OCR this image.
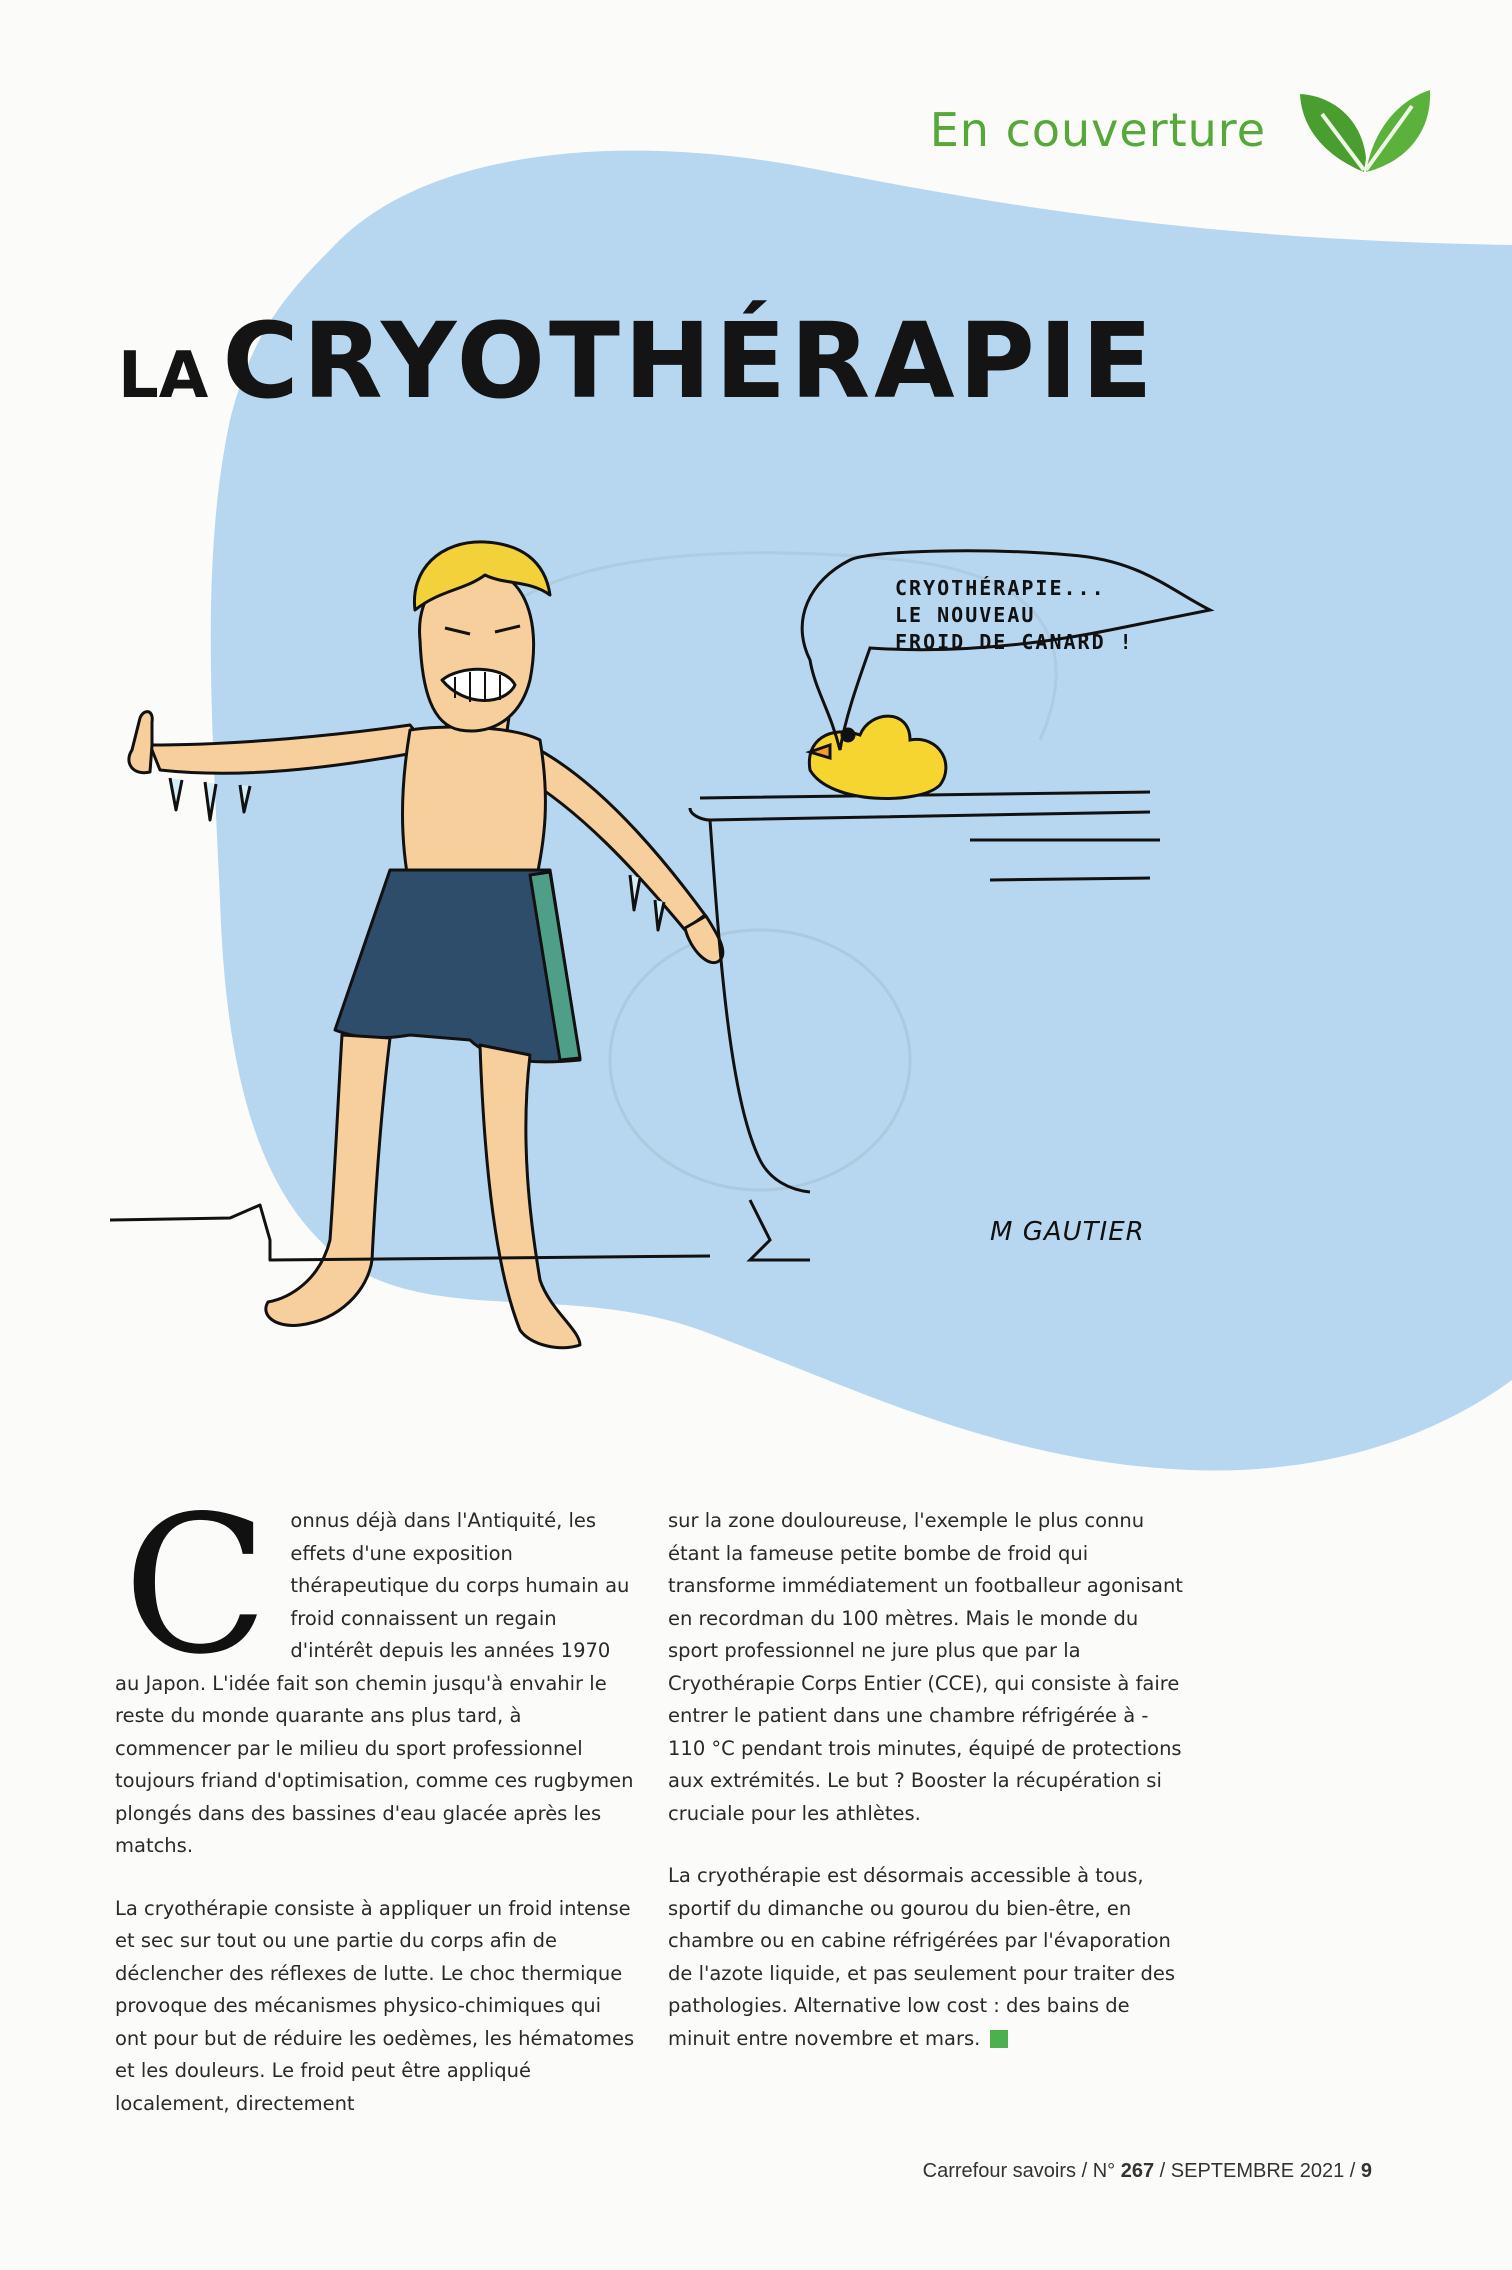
En couverture
LA CRYOTHÉRAPIE
CRYOTHÉRAPIE...
LE NOUVEAU
FROID DE CANARD !
M GAUTIER

C onnus déjà dans l'Antiquité, les effets d'une exposition thérapeutique du corps humain au froid connaissent un regain d'intérêt depuis les années 1970 au Japon. L'idée fait son chemin jusqu'à envahir le reste du monde quarante ans plus tard, à commencer par le milieu du sport professionnel toujours friand d'optimisation, comme ces rugbymen plongés dans des bassines d'eau glacée après les matchs.

La cryothérapie consiste à appliquer un froid intense et sec sur tout ou une partie du corps afin de déclencher des réflexes de lutte. Le choc thermique provoque des mécanismes physico-chimiques qui ont pour but de réduire les oedèmes, les hématomes et les douleurs. Le froid peut être appliqué localement, directement

sur la zone douloureuse, l'exemple le plus connu étant la fameuse petite bombe de froid qui transforme immédiatement un footballeur agonisant en recordman du 100 mètres. Mais le monde du sport professionnel ne jure plus que par la Cryothérapie Corps Entier (CCE), qui consiste à faire entrer le patient dans une chambre réfrigérée à - 110 °C pendant trois minutes, équipé de protections aux extrémités. Le but ? Booster la récupération si cruciale pour les athlètes.

La cryothérapie est désormais accessible à tous, sportif du dimanche ou gourou du bien-être, en chambre ou en cabine réfrigérées par l'évaporation de l'azote liquide, et pas seulement pour traiter des pathologies. Alternative low cost : des bains de minuit entre novembre et mars.

Carrefour savoirs / N° 267 / SEPTEMBRE 2021 / 9
